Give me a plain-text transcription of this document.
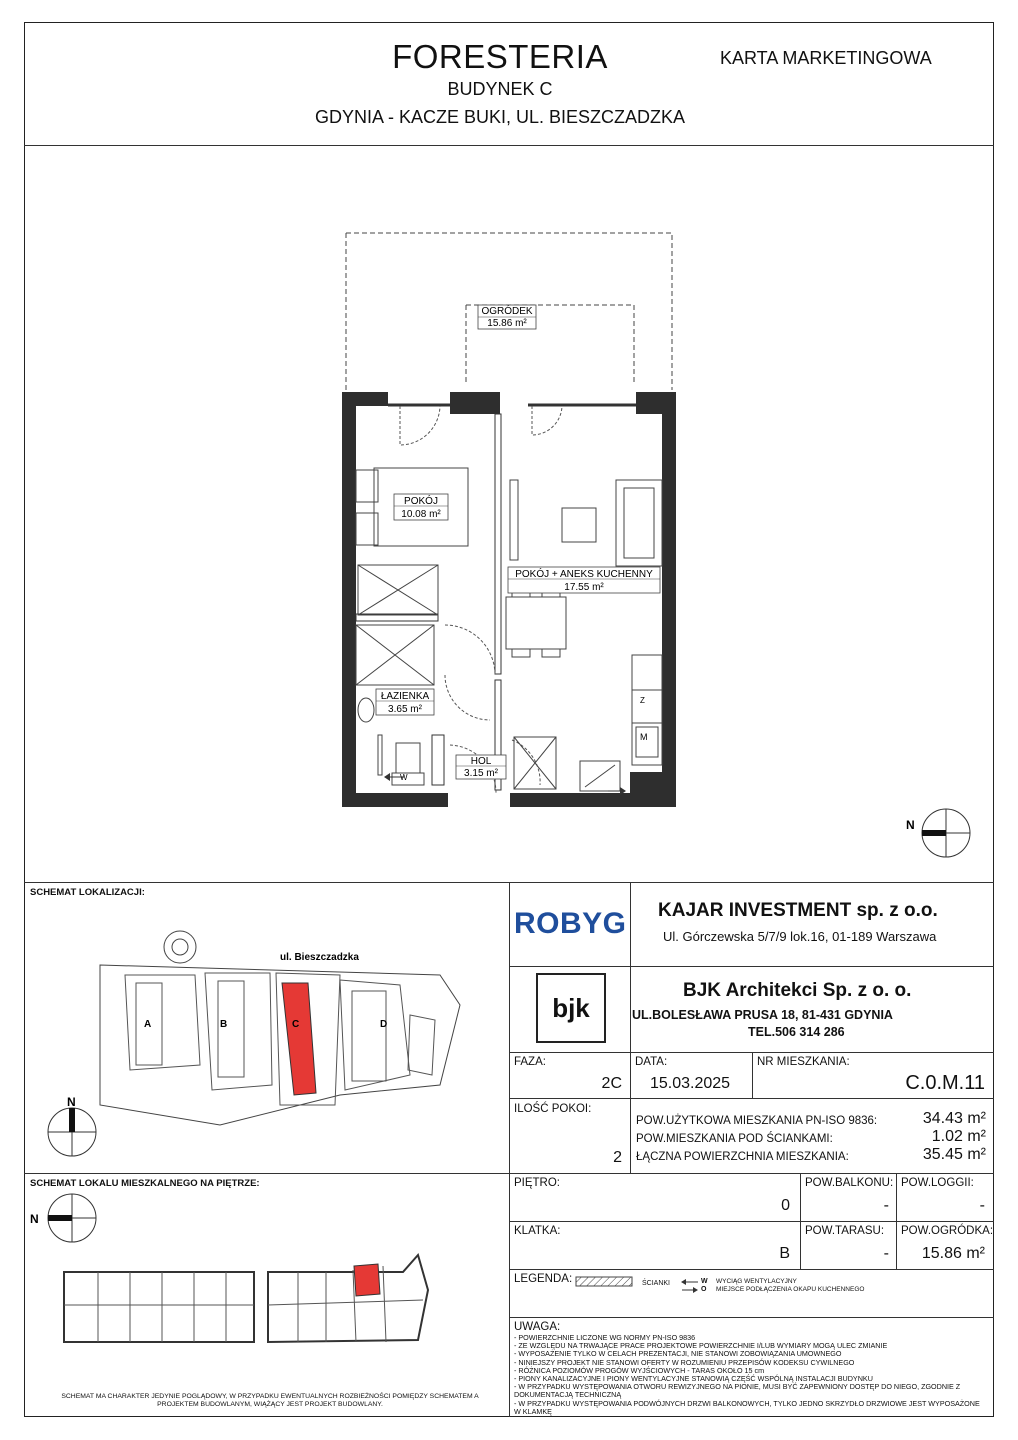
FORESTERIA
BUDYNEK C
GDYNIA - KACZE BUKI, UL. BIESZCZADZKA
KARTA MARKETINGOWA
OGRÓDEK
15.86 m²
POKÓJ
10.08 m²
POKÓJ + ANEKS KUCHENNY
17.55 m²
ŁAZIENKA
3.65 m²
HOL
3.15 m²
W
M
Z
N
SCHEMAT LOKALIZACJI:
ul. Bieszczadzka
A	B	C	D
N
SCHEMAT LOKALU MIESZKALNEGO NA PIĘTRZE:
N
SCHEMAT MA CHARAKTER JEDYNIE POGLĄDOWY, W PRZYPADKU EWENTUALNYCH ROZBIEŻNOŚCI POMIĘDZY SCHEMATEM A PROJEKTEM BUDOWLANYM, WIĄŻĄCY JEST PROJEKT BUDOWLANY.
ROBYG KAJAR INVESTMENT sp. z o.o.
Ul. Górczewska 5/7/9 lok.16, 01-189 Warszawa
bjk
BJK Architekci Sp. z o. o.
UL.BOLESŁAWA PRUSA 18, 81-431 GDYNIA
TEL.506 314 286
FAZA:
2C
DATA:
15.03.2025
NR MIESZKANIA:
C.0.M.11
ILOŚĆ POKOI:
2
POW.UŻYTKOWA MIESZKANIA PN-ISO 9836:	34.43 m²
POW.MIESZKANIA POD ŚCIANKAMI:	1.02 m²
ŁĄCZNA POWIERZCHNIA MIESZKANIA:	35.45 m²
PIĘTRO:
0
POW.BALKONU:
-
POW.LOGGII:
-
KLATKA:
B
POW.TARASU:
-
POW.OGRÓDKA:
15.86 m²
LEGENDA:	ŚCIANKI	W
O
WYCIĄG WENTYLACYJNY
MIEJSCE PODŁĄCZENIA OKAPU KUCHENNEGO
UWAGA:
- POWIERZCHNIE LICZONE WG NORMY PN-ISO 9836
- ZE WZGLĘDU NA TRWAJĄCE PRACE PROJEKTOWE POWIERZCHNIE I/LUB WYMIARY MOGĄ ULEC ZMIANIE
- WYPOSAŻENIE TYLKO W CELACH PREZENTACJI, NIE STANOWI ZOBOWIĄZANIA UMOWNEGO
- NINIEJSZY PROJEKT NIE STANOWI OFERTY W ROZUMIENIU PRZEPISÓW KODEKSU CYWILNEGO
- RÓŻNICA POZIOMÓW PROGÓW WYJŚCIOWYCH - TARAS OKOŁO 15 cm
- PIONY KANALIZACYJNE I PIONY WENTYLACYJNE STANOWIĄ CZĘŚĆ WSPÓLNĄ INSTALACJI BUDYNKU
- W PRZYPADKU WYSTĘPOWANIA OTWORU REWIZYJNEGO NA PIONIE, MUSI BYĆ ZAPEWNIONY DOSTĘP DO NIEGO, ZGODNIE Z DOKUMENTACJĄ TECHNICZNĄ
- W PRZYPADKU WYSTĘPOWANIA PODWÓJNYCH DRZWI BALKONOWYCH, TYLKO JEDNO SKRZYDŁO DRZWIOWE JEST WYPOSAŻONE W KLAMKĘ
